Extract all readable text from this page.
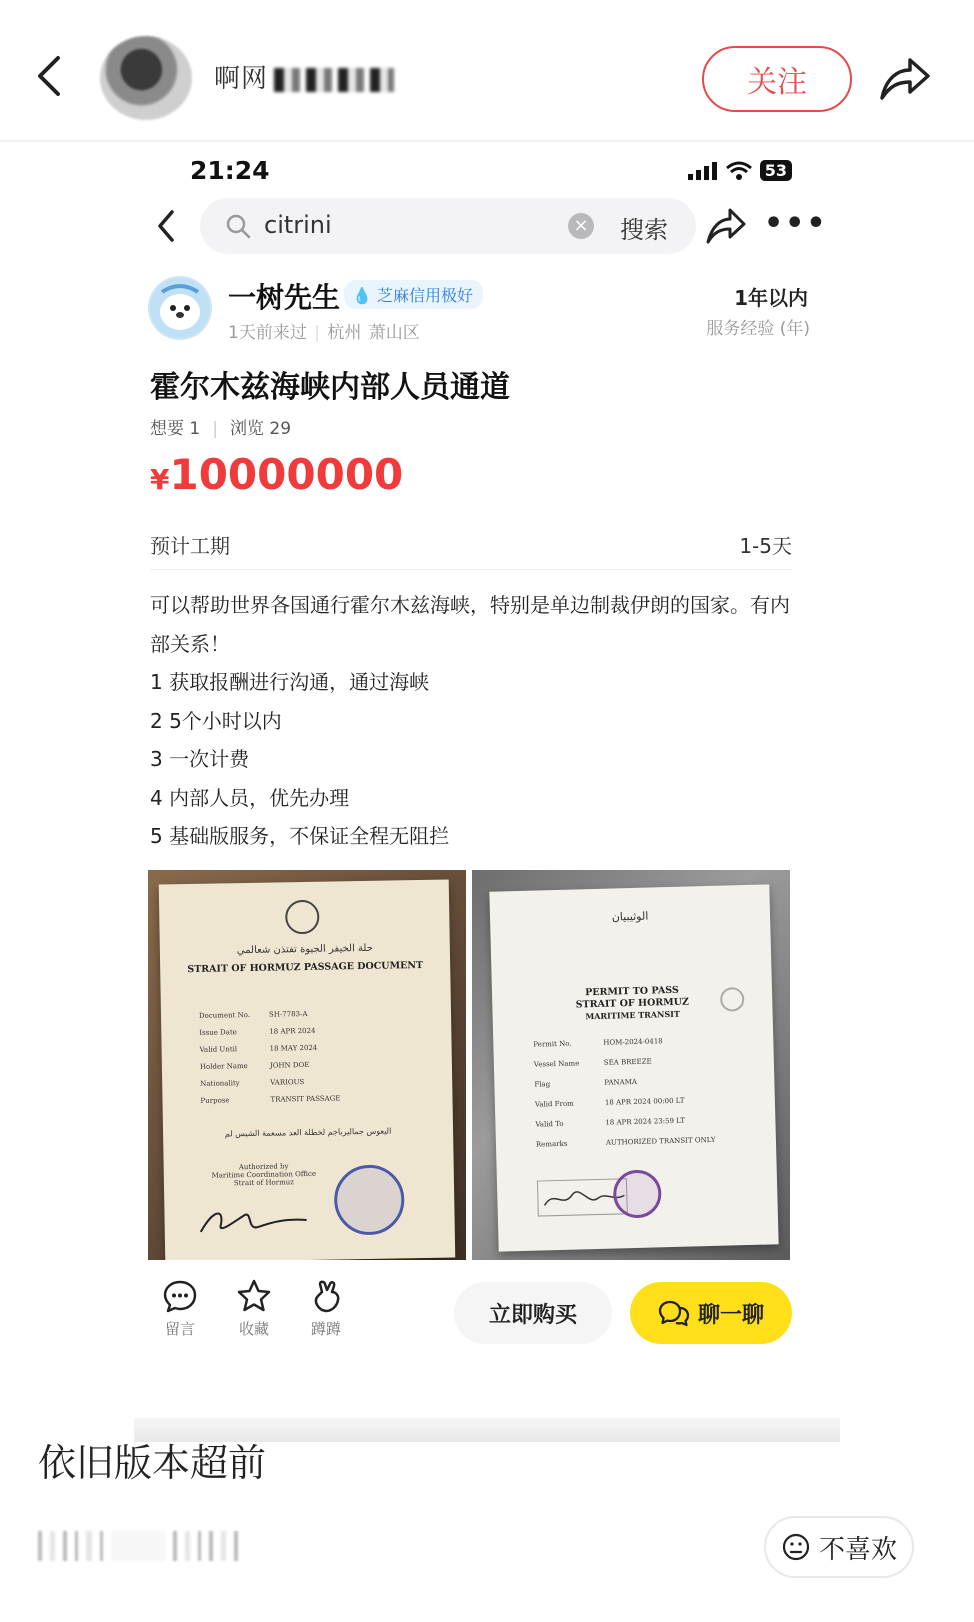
啊网	关注
21:24	53
citrini	× 搜索	•••
一树先生 💧 芝麻信用极好
1天前来过 | 杭州 萧山区
1年以内
服务经验 (年)
霍尔木兹海峡内部人员通道
想要 1 | 浏览 29
¥10000000
预计工期	1-5天

可以帮助世界各国通行霍尔木兹海峡，特别是单边制裁伊朗的国家。有内部关系！

1 获取报酬进行沟通，通过海峡

2 5个小时以内

3 一次计费

4 内部人员，优先办理

5 基础版服务，不保证全程无阻拦

حلة الخيفر الجيوة تفتذن شعالمي
STRAIT OF HORMUZ PASSAGE DOCUMENT
Document No.	SH-7783-A
Issue Date	18 APR 2024
Valid Until	18 MAY 2024
Holder Name	JOHN DOE
Nationality	VARIOUS
Purpose	TRANSIT PASSAGE
اليعوس جماليرباجم لخطلة العد مسعمة الشيس لم
Authorized by
Maritime Coordination Office
Strait of Hormuz
الوثيبيان
PERMIT TO PASS
STRAIT OF HORMUZ
MARITIME TRANSIT
Permit No.	HOM-2024-0418
Vessel Name	SEA BREEZE
Flag	PANAMA
Valid From	18 APR 2024 00:00 LT
Valid To	18 APR 2024 23:59 LT
Remarks	AUTHORIZED TRANSIT ONLY
留言	收藏	蹲蹲
立即购买	聊一聊
依旧版本超前
不喜欢
